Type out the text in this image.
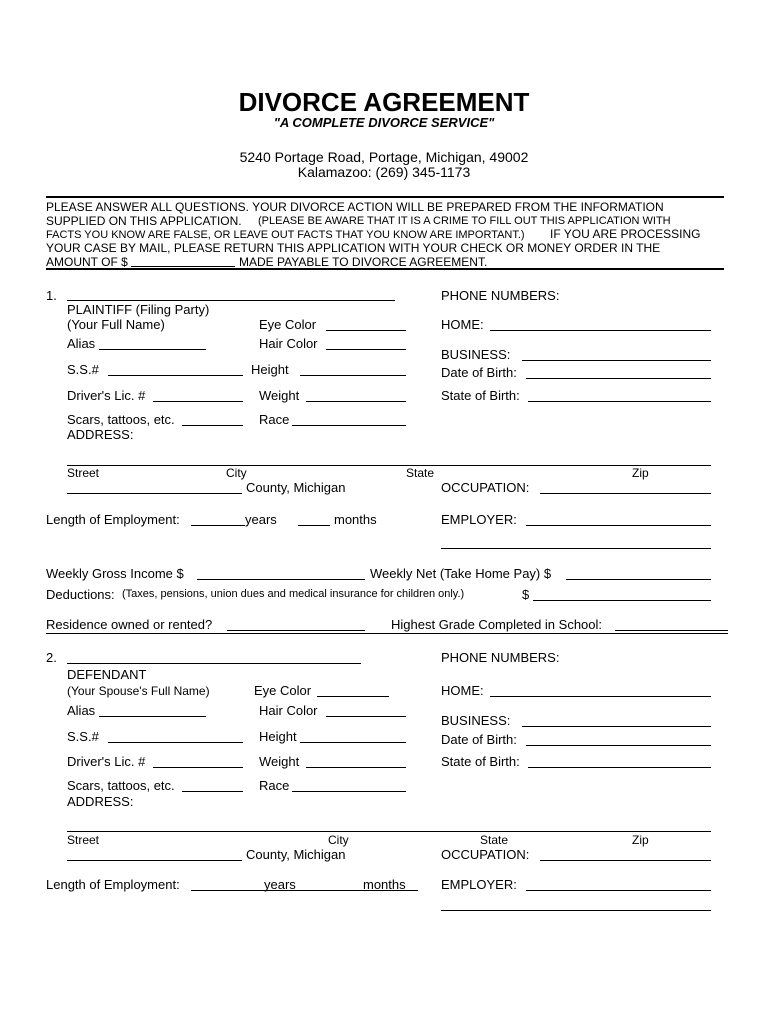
DIVORCE AGREEMENT
"A COMPLETE DIVORCE SERVICE"
5240 Portage Road, Portage, Michigan, 49002
Kalamazoo: (269) 345-1173
PLEASE ANSWER ALL QUESTIONS. YOUR DIVORCE ACTION WILL BE PREPARED FROM THE INFORMATION
SUPPLIED ON THIS APPLICATION. (PLEASE BE AWARE THAT IT IS A CRIME TO FILL OUT THIS APPLICATION WITH
FACTS YOU KNOW ARE FALSE, OR LEAVE OUT FACTS THAT YOU KNOW ARE IMPORTANT.) IF YOU ARE PROCESSING
YOUR CASE BY MAIL, PLEASE RETURN THIS APPLICATION WITH YOUR CHECK OR MONEY ORDER IN THE
AMOUNT OF $	MADE PAYABLE TO DIVORCE AGREEMENT.
1.	PHONE NUMBERS:
PLAINTIFF (Filing Party)
(Your Full Name)	Eye Color	HOME:
Alias	Hair Color
BUSINESS:
S.S.#	Height	Date of Birth:
Driver's Lic. #	Weight	State of Birth:
Scars, tattoos, etc.	Race
ADDRESS:
Street	City	State	Zip
County, Michigan	OCCUPATION:
Length of Employment:	years	months	EMPLOYER:
Weekly Gross Income $	Weekly Net (Take Home Pay) $
Deductions: (Taxes, pensions, union dues and medical insurance for children only.)	$
Residence owned or rented?	Highest Grade Completed in School:
2.	PHONE NUMBERS:
DEFENDANT
(Your Spouse's Full Name)	Eye Color	HOME:
Alias	Hair Color
BUSINESS:
S.S.#	Height	Date of Birth:
Driver's Lic. #	Weight	State of Birth:
Scars, tattoos, etc.	Race
ADDRESS:
Street	City	State	Zip
County, Michigan	OCCUPATION:
Length of Employment:	years	months	EMPLOYER:
